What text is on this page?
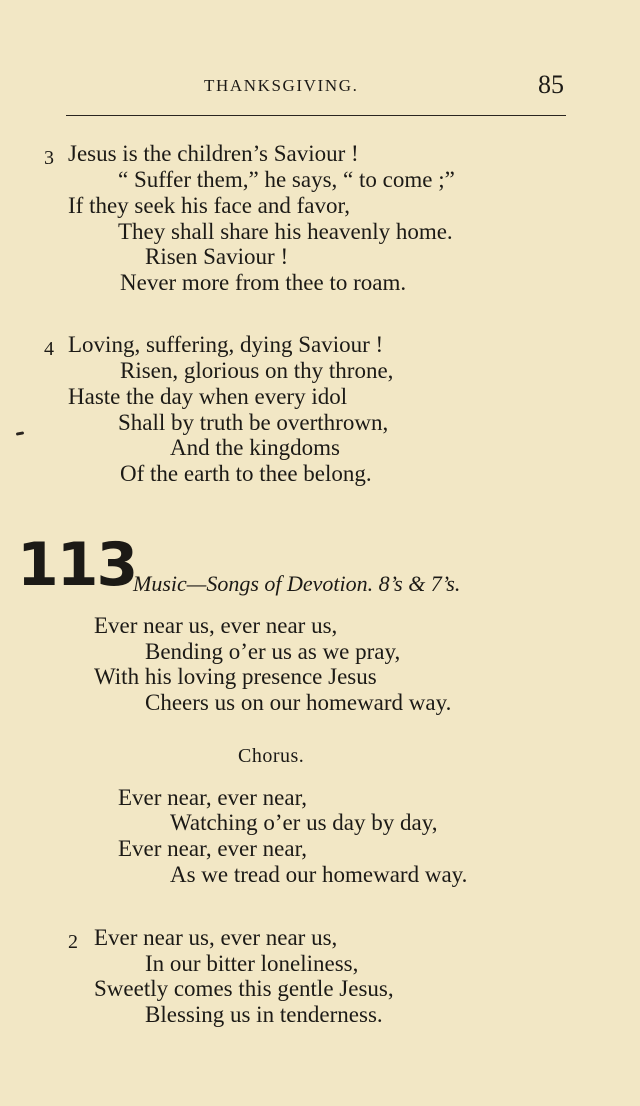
THANKSGIVING.	85
3 Jesus is the children’s Saviour !
“ Suffer them,” he says, “ to come ;”
If they seek his face and favor,
They shall share his heavenly home.
Risen Saviour !
Never more from thee to roam.
4 Loving, suffering, dying Saviour !
Risen, glorious on thy throne,
Haste the day when every idol
Shall by truth be overthrown,
And the kingdoms
Of the earth to thee belong.
113
Music—Songs of Devotion. 8’s & 7’s.
Ever near us, ever near us,
Bending o’er us as we pray,
With his loving presence Jesus
Cheers us on our homeward way.
Chorus.
Ever near, ever near,
Watching o’er us day by day,
Ever near, ever near,
As we tread our homeward way.
2 Ever near us, ever near us,
In our bitter loneliness,
Sweetly comes this gentle Jesus,
Blessing us in tenderness.
